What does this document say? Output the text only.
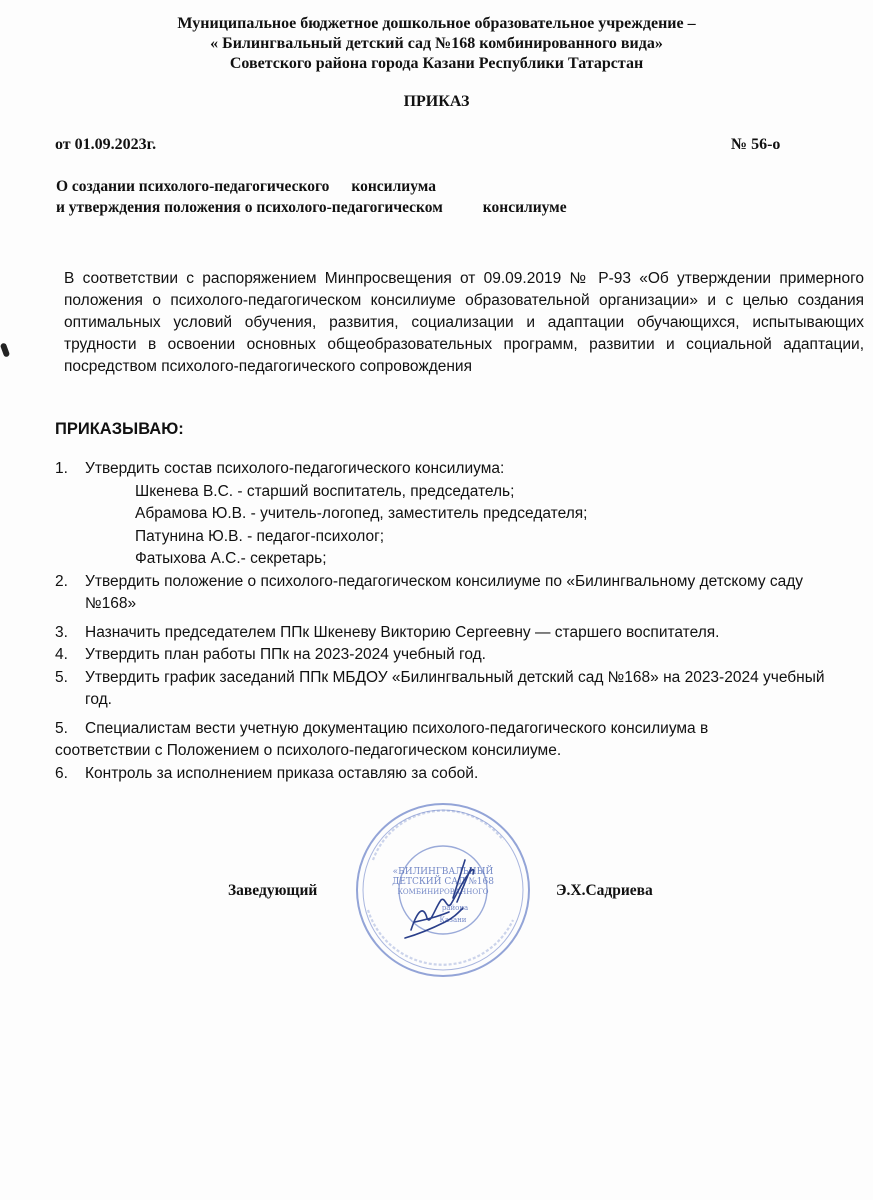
Муниципальное бюджетное дошкольное образовательное учреждение –
« Билингвальный детский сад №168 комбинированного вида»
Советского района города Казани Республики Татарстан
ПРИКАЗ
от 01.09.2023г.	№ 56-о
О создании психолого-педагогического консилиума
и утверждения положения о психолого-педагогическом	консилиуме
В соответствии с распоряжением Минпросвещения от 09.09.2019 № Р-93 «Об утверждении примерного положения о психолого-педагогическом консилиуме образовательной организации» и с целью создания оптимальных условий обучения, развития, социализации и адаптации обучающихся, испытывающих трудности в освоении основных общеобразовательных программ, развитии и социальной адаптации, посредством психолого-педагогического сопровождения
ПРИКАЗЫВАЮ:
1.	Утвердить состав психолого-педагогического консилиума:
Шкенева В.С. - старший воспитатель, председатель;
Абрамова Ю.В. - учитель-логопед, заместитель председателя;
Патунина Ю.В. - педагог-психолог;
Фатыхова А.С.- секретарь;
2.	Утвердить положение о психолого-педагогическом консилиуме по «Билингвальному детскому саду №168»
3.	Назначить председателем ППк Шкеневу Викторию Сергеевну — старшего воспитателя.
4.	Утвердить план работы ППк на 2023-2024 учебный год.
5.	Утвердить график заседаний ППк МБДОУ «Билингвальный детский сад №168» на 2023-2024 учебный год.
5.	Специалистам вести учетную документацию психолого-педагогического консилиума в
соответствии с Положением о психолого-педагогическом консилиуме.
6.	Контроль за исполнением приказа оставляю за собой.
«БИЛИНГВАЛЬНЫЙ
ДЕТСКИЙ САД №168
КОМБИНИРОВАННОГО
района
Казани
Заведующий	Э.Х.Садриева
